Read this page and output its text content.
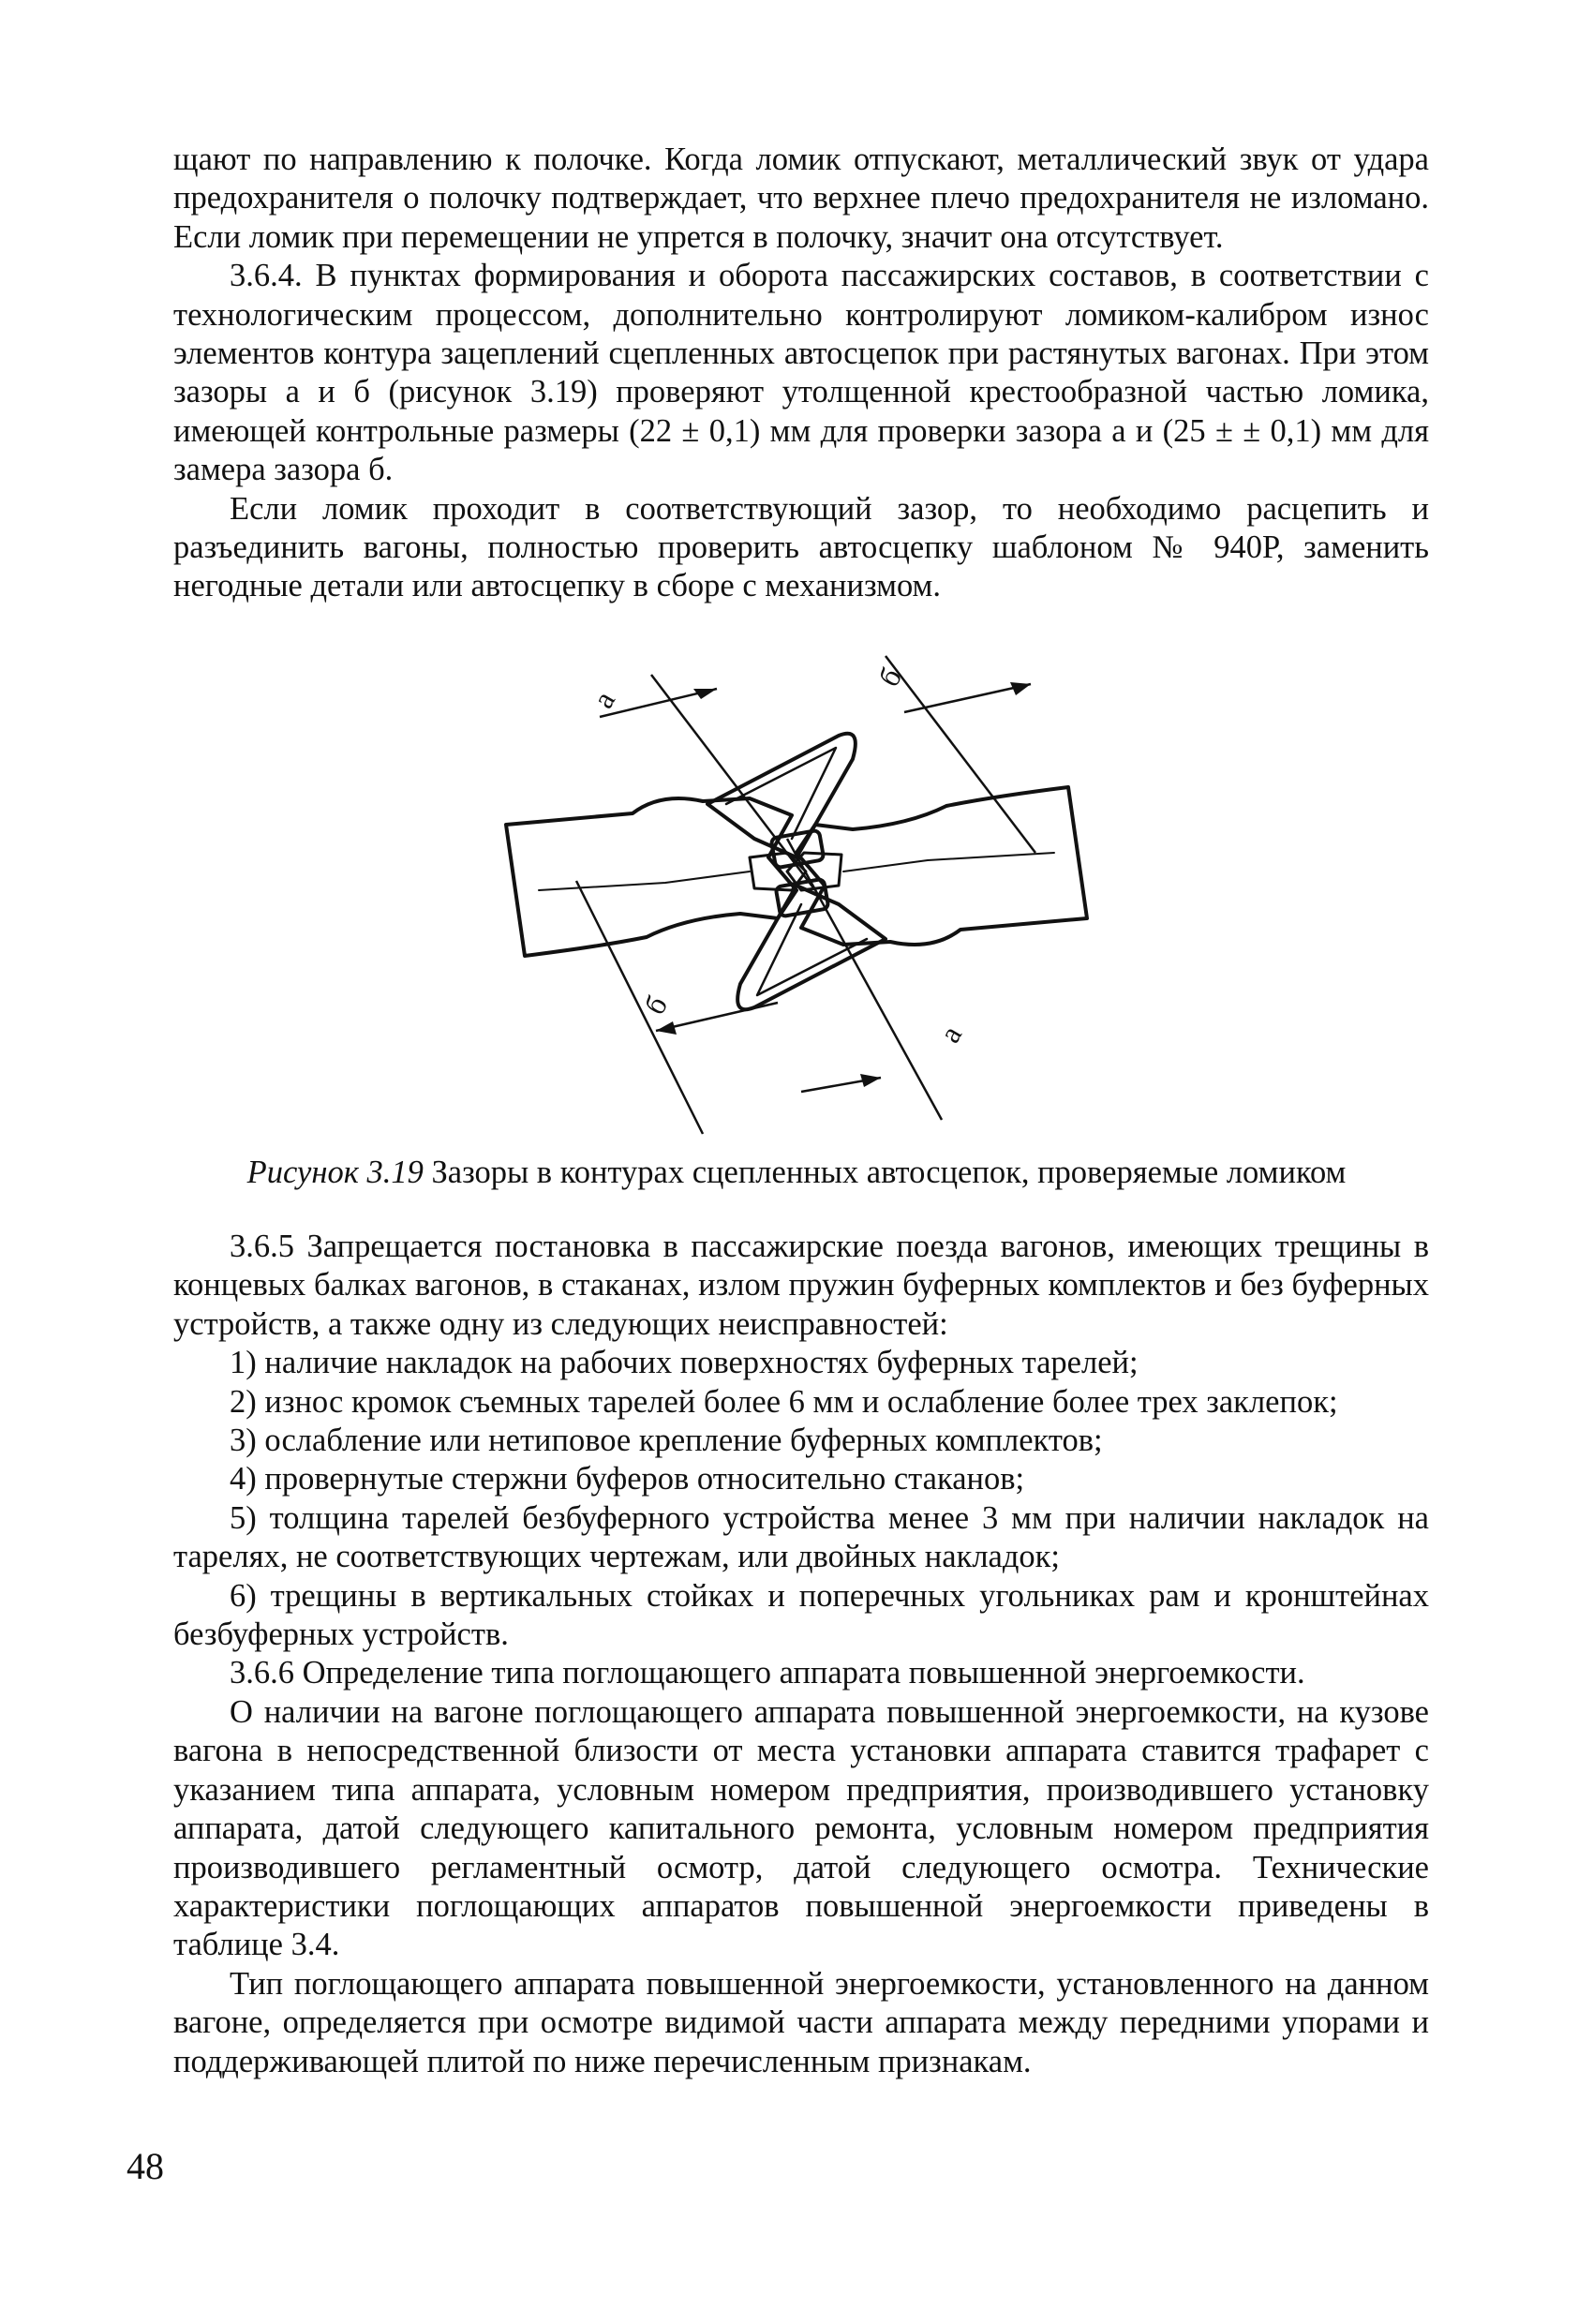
щают по направлению к полочке. Когда ломик отпускают, металлический звук от удара предохранителя о полочку подтверждает, что верхнее плечо предохранителя не изломано. Если ломик при перемещении не упрется в полочку, значит она отсутствует.

3.6.4. В пунктах формирования и оборота пассажирских составов, в соответствии с технологическим процессом, дополнительно контролируют ломиком-калибром износ элементов контура зацеплений сцепленных автосцепок при растянутых вагонах. При этом зазоры а и б (рисунок 3.19) проверяют утолщенной крестообразной частью ломика, имеющей контрольные размеры (22 ± 0,1) мм для проверки зазора а и (25 ± ± 0,1) мм для замера зазора б.

Если ломик проходит в соответствующий зазор, то необходимо расцепить и разъединить вагоны, полностью проверить автосцепку шаблоном № 940Р, заменить негодные детали или автосцепку в сборе с механизмом.

а
б
б
а
Рисунок 3.19 Зазоры в контурах сцепленных автосцепок, проверяемые ломиком

3.6.5 Запрещается постановка в пассажирские поезда вагонов, имеющих трещины в концевых балках вагонов, в стаканах, излом пружин буферных комплектов и без буферных устройств, а также одну из следующих неисправностей:

1) наличие накладок на рабочих поверхностях буферных тарелей;

2) износ кромок съемных тарелей более 6 мм и ослабление более трех заклепок;

3) ослабление или нетиповое крепление буферных комплектов;

4) провернутые стержни буферов относительно стаканов;

5) толщина тарелей безбуферного устройства менее 3 мм при наличии накладок на тарелях, не соответствующих чертежам, или двойных накладок;

6) трещины в вертикальных стойках и поперечных угольниках рам и кронштейнах безбуферных устройств.

3.6.6 Определение типа поглощающего аппарата повышенной энергоемкости.

О наличии на вагоне поглощающего аппарата повышенной энергоемкости, на кузове вагона в непосредственной близости от места установки аппарата ставится трафарет с указанием типа аппарата, условным номером предприятия, производившего установку аппарата, датой следующего капитального ремонта, условным номером предприятия производившего регламентный осмотр, датой следующего осмотра. Технические характеристики поглощающих аппаратов повышенной энергоемкости приведены в таблице 3.4.

Тип поглощающего аппарата повышенной энергоемкости, установленного на данном вагоне, определяется при осмотре видимой части аппарата между передними упорами и поддерживающей плитой по ниже перечисленным признакам.

48
